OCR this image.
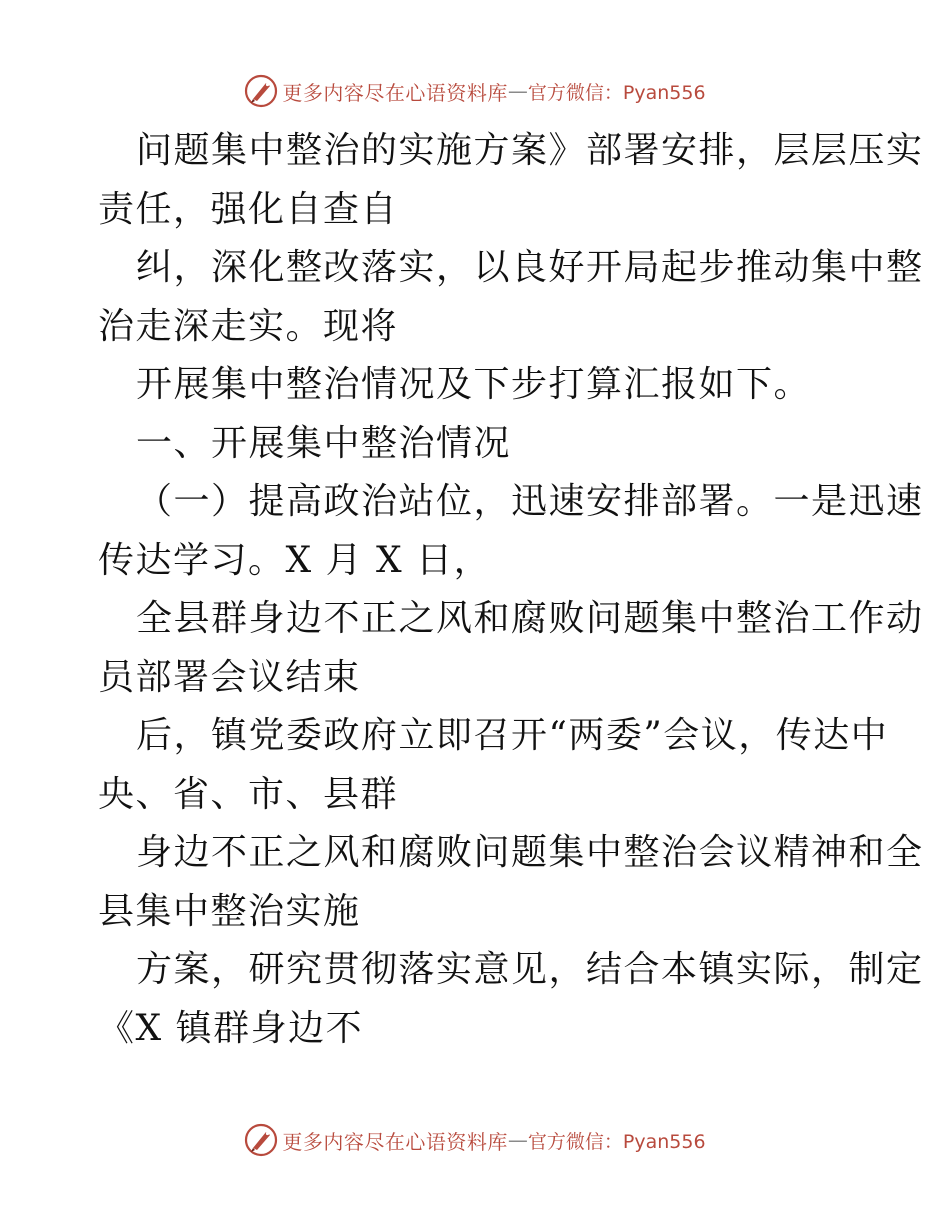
更多内容尽在心语资料库 — 官方微信：Pyan556
问题集中整治的实施方案》部署安排，层层压实
责任，强化自查自
纠，深化整改落实，以良好开局起步推动集中整
治走深走实。现将
开展集中整治情况及下步打算汇报如下。
一、开展集中整治情况
（一）提高政治站位，迅速安排部署。一是迅速
传达学习。X 月 X 日，
全县群身边不正之风和腐败问题集中整治工作动
员部署会议结束
后，镇党委政府立即召开“两委”会议，传达中
央、省、市、县群
身边不正之风和腐败问题集中整治会议精神和全
县集中整治实施
方案，研究贯彻落实意见，结合本镇实际，制定
《X 镇群身边不
更多内容尽在心语资料库 — 官方微信：Pyan556
